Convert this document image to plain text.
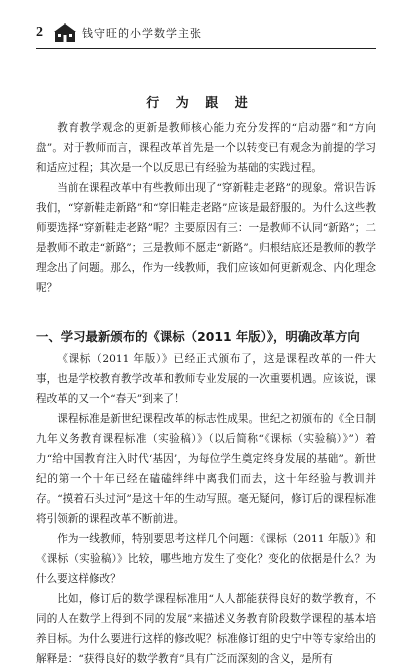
2	钱守旺的小学数学主张
行 为 跟 进

教育教学观念的更新是教师核心能力充分发挥的“启动器”和“方向盘”。对于教师而言，课程改革首先是一个以转变已有观念为前提的学习和适应过程；其次是一个以反思已有经验为基础的实践过程。

当前在课程改革中有些教师出现了“穿新鞋走老路”的现象。常识告诉我们，“穿新鞋走新路”和“穿旧鞋走老路”应该是最舒服的。为什么这些教师要选择“穿新鞋走老路”呢？主要原因有三：一是教师不认同“新路”；二是教师不敢走“新路”；三是教师不愿走“新路”。归根结底还是教师的教学理念出了问题。那么，作为一线教师，我们应该如何更新观念、内化理念呢？

一、学习最新颁布的《课标（2011 年版）》，明确改革方向

《课标（2011 年版）》已经正式颁布了，这是课程改革的一件大事，也是学校教育教学改革和教师专业发展的一次重要机遇。应该说，课程改革的又一个“春天”到来了！

课程标准是新世纪课程改革的标志性成果。世纪之初颁布的《全日制九年义务教育课程标准（实验稿）》（以后简称“《课标（实验稿）》”）着力“给中国教育注入时代‘基因’，为每位学生奠定终身发展的基础”。新世纪的第一个十年已经在磕磕绊绊中离我们而去，这十年经验与教训并存。“摸着石头过河”是这十年的生动写照。毫无疑问，修订后的课程标准将引领新的课程改革不断前进。

作为一线教师，特别要思考这样几个问题：《课标（2011 年版）》和《课标（实验稿）》比较，哪些地方发生了变化？变化的依据是什么？为什么要这样修改？

比如，修订后的数学课程标准用“人人都能获得良好的数学教育，不同的人在数学上得到不同的发展”来描述义务教育阶段数学课程的基本培养目标。为什么要进行这样的修改呢？标准修订组的史宁中等专家给出的解释是：“获得良好的数学教育”具有广泛而深刻的含义，是所有
